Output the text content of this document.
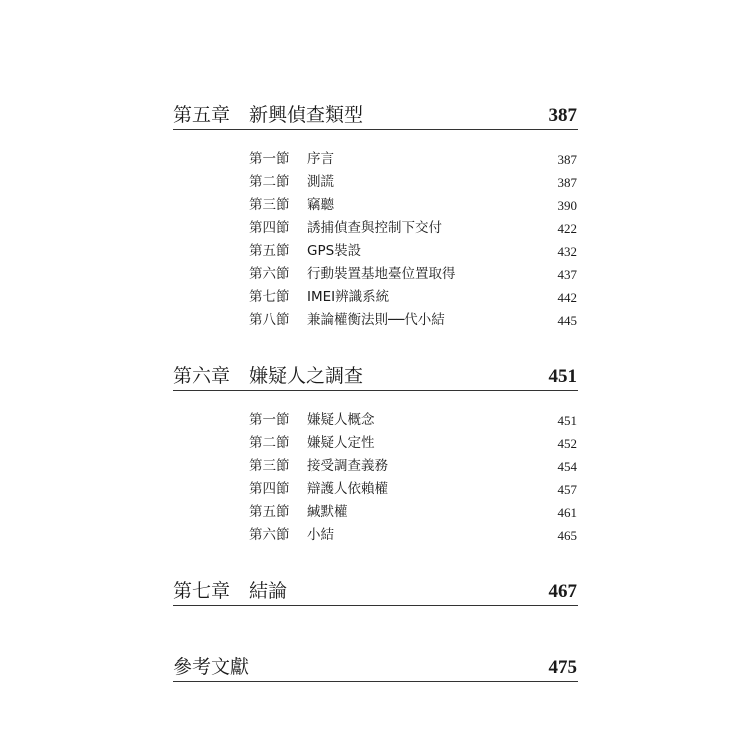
第五章 新興偵查類型	387
第一節 序言	387
第二節 測謊	387
第三節 竊聽	390
第四節 誘捕偵查與控制下交付	422
第五節 GPS裝設	432
第六節 行動裝置基地臺位置取得	437
第七節 IMEI辨識系統	442
第八節 兼論權衡法則──代小結	445
第六章 嫌疑人之調查	451
第一節 嫌疑人概念	451
第二節 嫌疑人定性	452
第三節 接受調查義務	454
第四節 辯護人依賴權	457
第五節 緘默權	461
第六節 小結	465
第七章 結論	467
參考文獻	475
